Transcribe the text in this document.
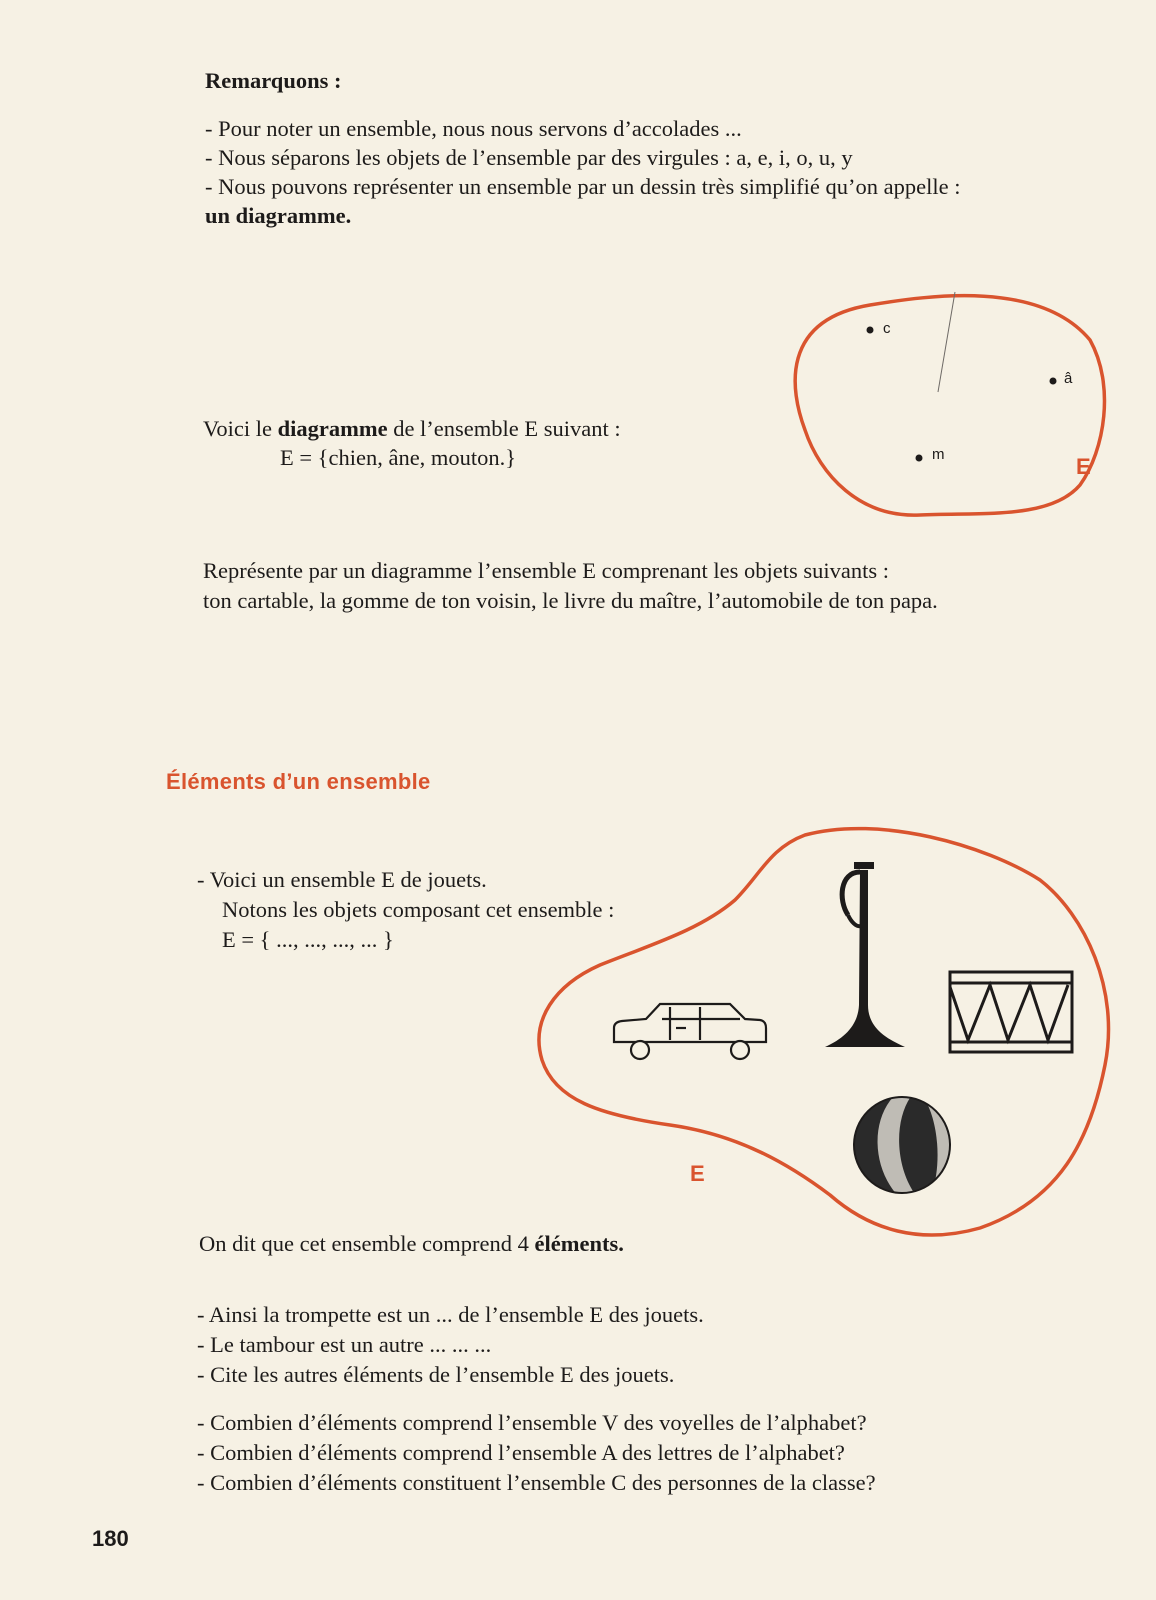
Remarquons :
- Pour noter un ensemble, nous nous servons d’accolades ...
- Nous séparons les objets de l’ensemble par des virgules : a, e, i, o, u, y
- Nous pouvons représenter un ensemble par un dessin très simplifié qu’on appelle :
un diagramme.
Voici le diagramme de l’ensemble E suivant :
E = {chien, âne, mouton.}
c
â
m	E
Représente par un diagramme l’ensemble E comprenant les objets suivants :
ton cartable, la gomme de ton voisin, le livre du maître, l’automobile de ton papa.
Éléments d’un ensemble
- Voici un ensemble E de jouets.
Notons les objets composant cet ensemble :
E = { ..., ..., ..., ... }
E
On dit que cet ensemble comprend 4 éléments.
- Ainsi la trompette est un ... de l’ensemble E des jouets.
- Le tambour est un autre ... ... ...
- Cite les autres éléments de l’ensemble E des jouets.
- Combien d’éléments comprend l’ensemble V des voyelles de l’alphabet?
- Combien d’éléments comprend l’ensemble A des lettres de l’alphabet?
- Combien d’éléments constituent l’ensemble C des personnes de la classe?
180
